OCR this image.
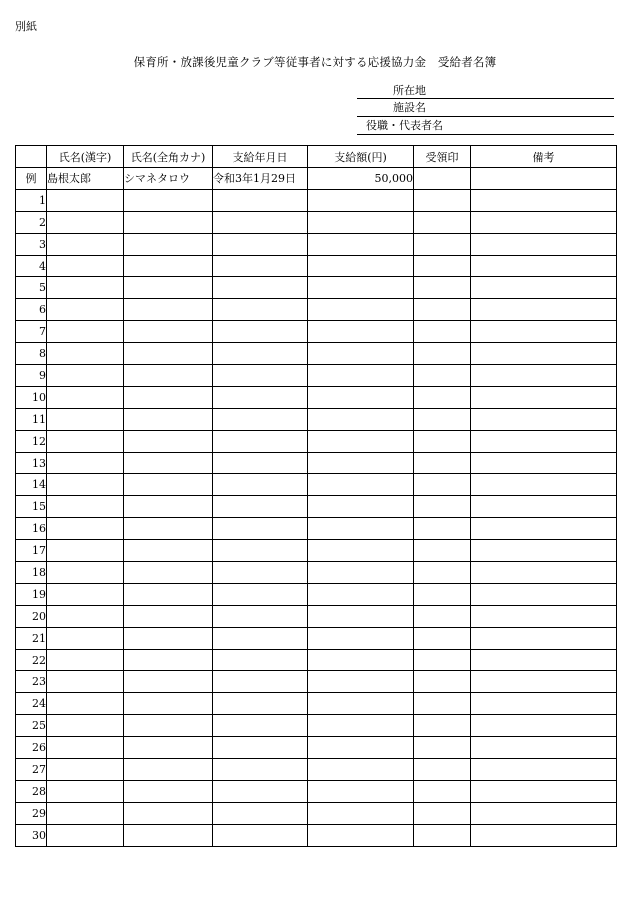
別紙
保育所・放課後児童クラブ等従事者に対する応援協力金　受給者名簿
所在地
施設名
役職・代表者名
	氏名(漢字)	氏名(全角カナ)	支給年月日	支給額(円)	受領印	備考
例	島根太郎	シマネタロウ	令和3年1月29日	50,000		
1						
2						
3						
4						
5						
6						
7						
8						
9						
10						
11						
12						
13						
14						
15						
16						
17						
18						
19						
20						
21						
22						
23						
24						
25						
26						
27						
28						
29						
30						
